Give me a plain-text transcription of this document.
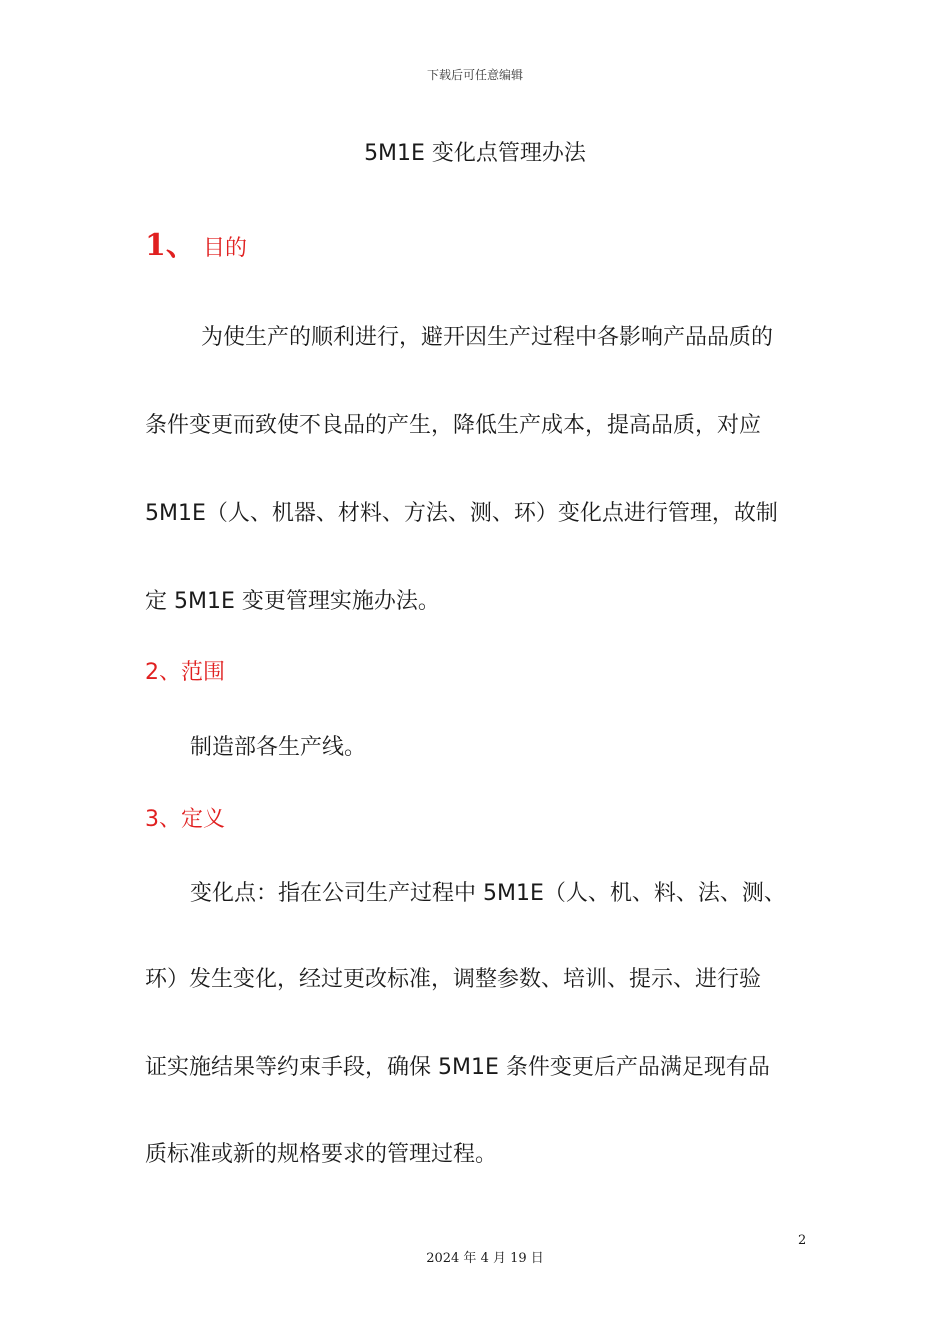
下载后可任意编辑
5M1E 变化点管理办法
1、 目的
为使生产的顺利进行，避开因生产过程中各影响产品品质的
条件变更而致使不良品的产生，降低生产成本，提高品质，对应
5M1E（人、机器、材料、方法、测、环）变化点进行管理，故制
定 5M1E 变更管理实施办法。
2、范围
制造部各生产线。
3、定义
变化点：指在公司生产过程中 5M1E（人、机、料、法、测、
环）发生变化，经过更改标准，调整参数、培训、提示、进行验
证实施结果等约束手段，确保 5M1E 条件变更后产品满足现有品
质标准或新的规格要求的管理过程。
2
2024 年 4 月 19 日
